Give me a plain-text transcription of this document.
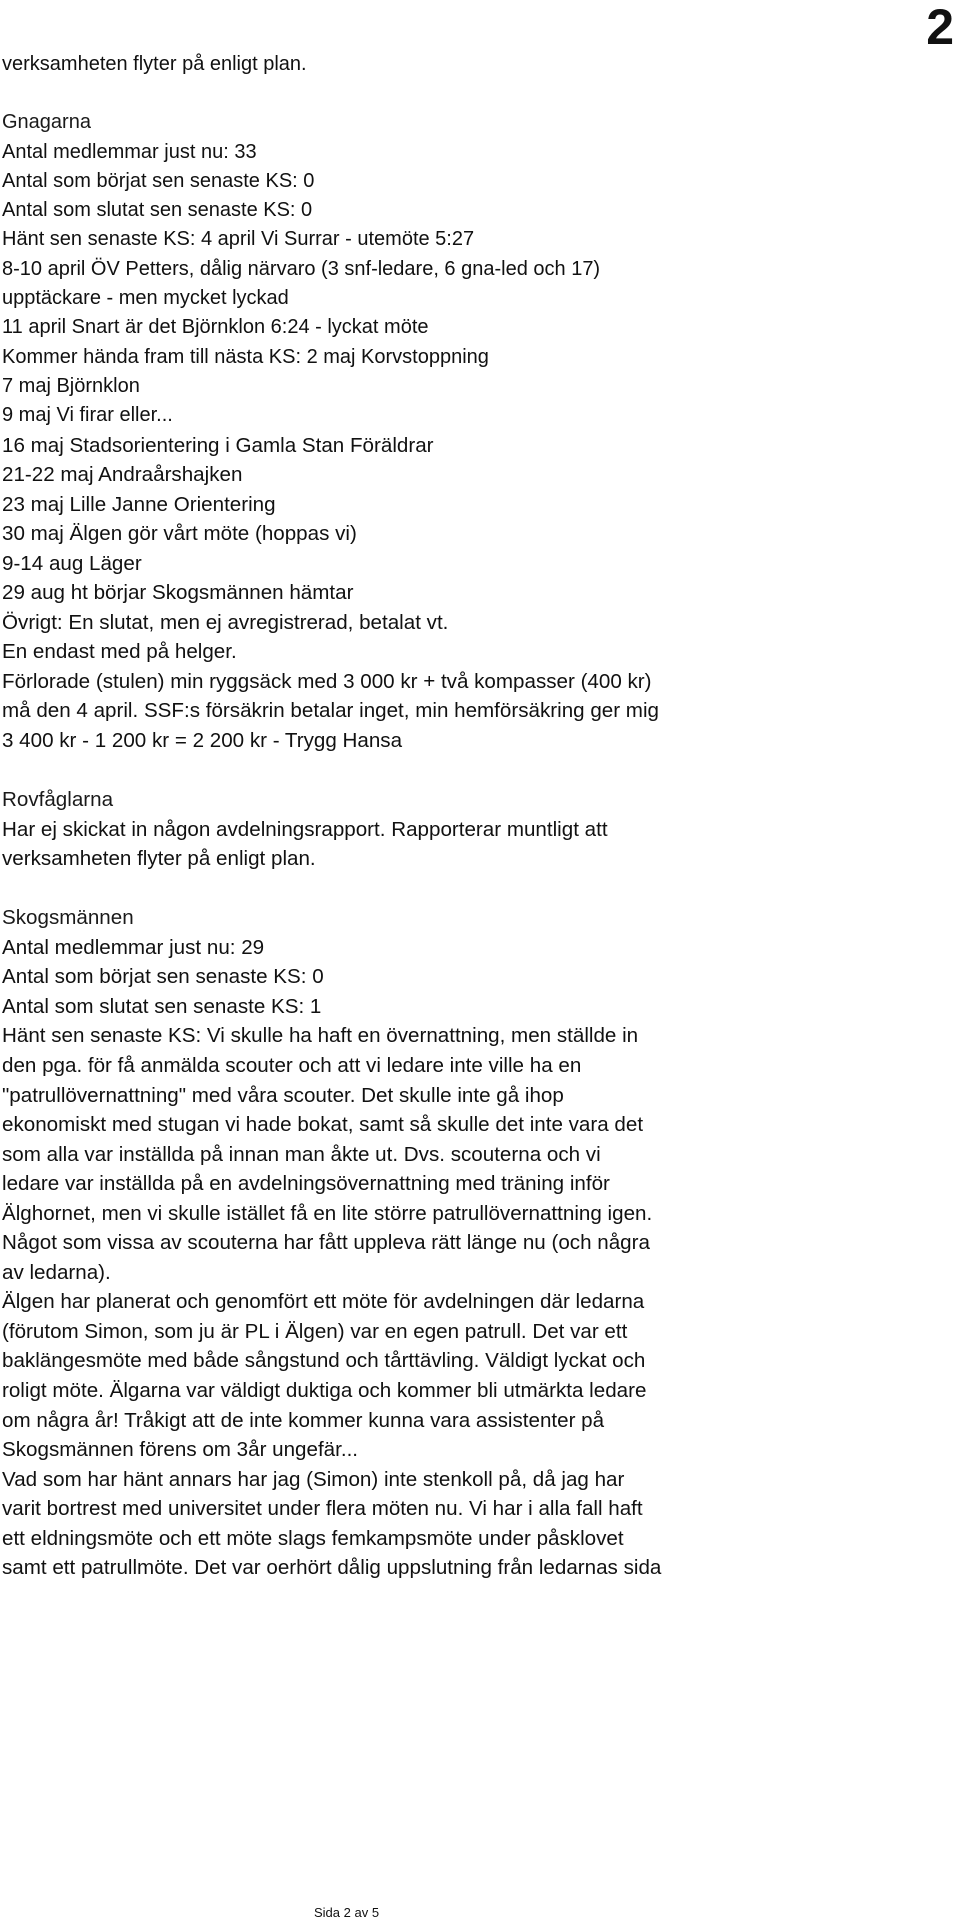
2
verksamheten flyter på enligt plan.
Gnagarna
Antal medlemmar just nu: 33
Antal som börjat sen senaste KS: 0
Antal som slutat sen senaste KS: 0
Hänt sen senaste KS: 4 april Vi Surrar - utemöte 5:27
8-10 april ÖV Petters, dålig närvaro (3 snf-ledare, 6 gna-led och 17)
upptäckare - men mycket lyckad
11 april Snart är det Björnklon 6:24 - lyckat möte
Kommer hända fram till nästa KS: 2 maj Korvstoppning
7 maj Björnklon
9 maj Vi firar eller...
16 maj Stadsorientering i Gamla Stan Föräldrar
21-22 maj Andraårshajken
23 maj Lille Janne Orientering
30 maj Älgen gör vårt möte (hoppas vi)
9-14 aug Läger
29 aug ht börjar Skogsmännen hämtar
Övrigt: En slutat, men ej avregistrerad, betalat vt.
En endast med på helger.
Förlorade (stulen) min ryggsäck med 3 000 kr + två kompasser (400 kr)
må den 4 april. SSF:s försäkrin betalar inget, min hemförsäkring ger mig
3 400 kr - 1 200 kr = 2 200 kr - Trygg Hansa
Rovfåglarna
Har ej skickat in någon avdelningsrapport. Rapporterar muntligt att
verksamheten flyter på enligt plan.
Skogsmännen
Antal medlemmar just nu: 29
Antal som börjat sen senaste KS: 0
Antal som slutat sen senaste KS: 1
Hänt sen senaste KS: Vi skulle ha haft en övernattning, men ställde in
den pga. för få anmälda scouter och att vi ledare inte ville ha en
"patrullövernattning" med våra scouter. Det skulle inte gå ihop
ekonomiskt med stugan vi hade bokat, samt så skulle det inte vara det
som alla var inställda på innan man åkte ut. Dvs. scouterna och vi
ledare var inställda på en avdelningsövernattning med träning inför
Älghornet, men vi skulle istället få en lite större patrullövernattning igen.
Något som vissa av scouterna har fått uppleva rätt länge nu (och några
av ledarna).
Älgen har planerat och genomfört ett möte för avdelningen där ledarna
(förutom Simon, som ju är PL i Älgen) var en egen patrull. Det var ett
baklängesmöte med både sångstund och tårttävling. Väldigt lyckat och
roligt möte. Älgarna var väldigt duktiga och kommer bli utmärkta ledare
om några år! Tråkigt att de inte kommer kunna vara assistenter på
Skogsmännen förens om 3år ungefär...
Vad som har hänt annars har jag (Simon) inte stenkoll på, då jag har
varit bortrest med universitet under flera möten nu. Vi har i alla fall haft
ett eldningsmöte och ett möte slags femkampsmöte under påsklovet
samt ett patrullmöte. Det var oerhört dålig uppslutning från ledarnas sida
Sida 2 av 5
